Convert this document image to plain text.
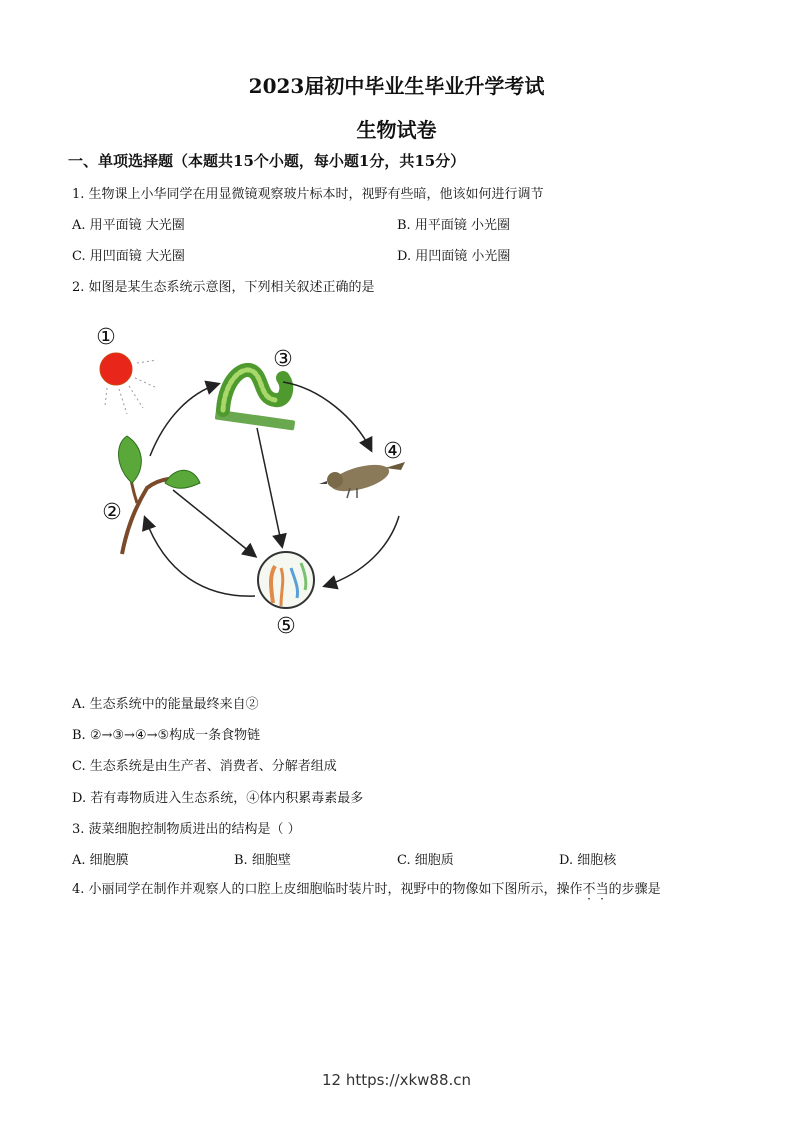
2023届初中毕业生毕业升学考试
生物试卷
一、单项选择题（本题共15个小题，每小题1分，共15分）
1. 生物课上小华同学在用显微镜观察玻片标本时，视野有些暗，他该如何进行调节
A. 用平面镜 大光圈	B. 用平面镜 小光圈
C. 用凹面镜 大光圈	D. 用凹面镜 小光圈
2. 如图是某生态系统示意图，下列相关叙述正确的是
①
③
②
④
⑤
A. 生态系统中的能量最终来自②
B. ②→③→④→⑤构成一条食物链
C. 生态系统是由生产者、消费者、分解者组成
D. 若有毒物质进入生态系统，④体内积累毒素最多
3. 菠菜细胞控制物质进出的结构是（ ）
A. 细胞膜	B. 细胞壁	C. 细胞质	D. 细胞核
4. 小丽同学在制作并观察人的口腔上皮细胞临时装片时，视野中的物像如下图所示，操作不当的步骤是
12 https://xkw88.cn
